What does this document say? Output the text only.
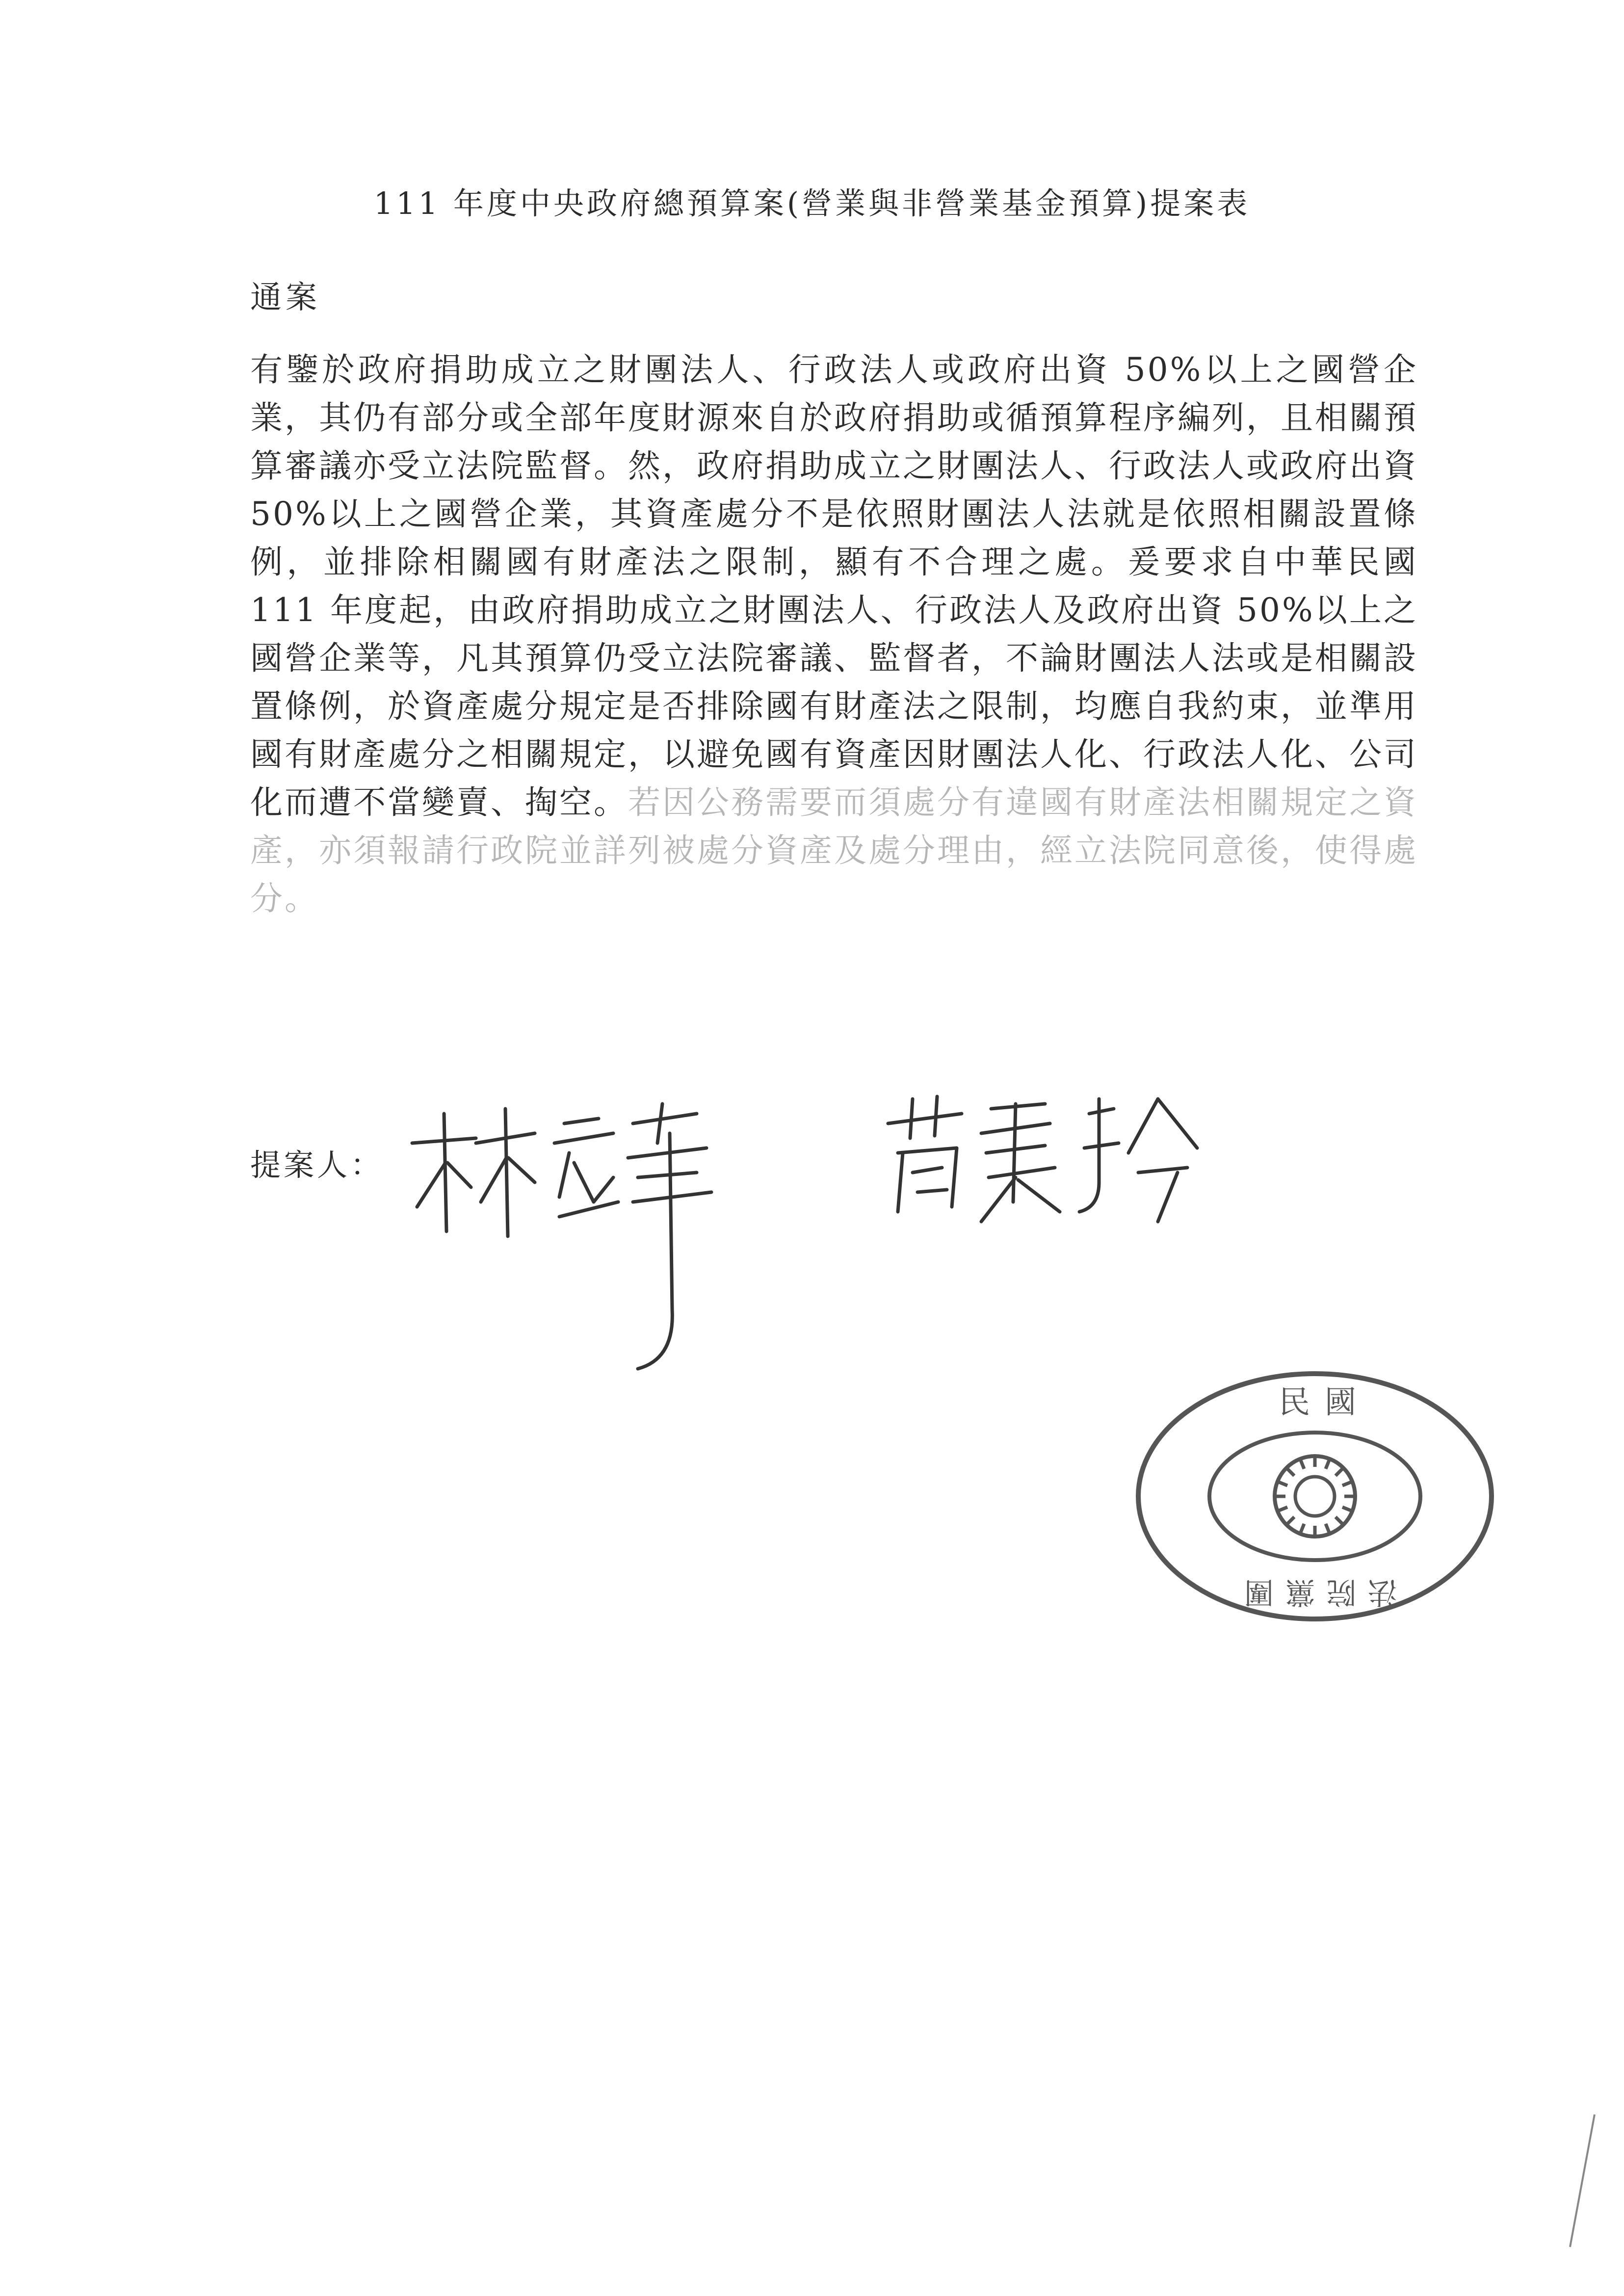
111 年度中央政府總預算案(營業與非營業基金預算)提案表
通案
有鑒於政府捐助成立之財團法人、行政法人或政府出資 50%以上之國營企業，其仍有部分或全部年度財源來自於政府捐助或循預算程序編列，且相關預算審議亦受立法院監督。然，政府捐助成立之財團法人、行政法人或政府出資 50%以上之國營企業，其資產處分不是依照財團法人法就是依照相關設置條例，並排除相關國有財產法之限制，顯有不合理之處。爰要求自中華民國 111 年度起，由政府捐助成立之財團法人、行政法人及政府出資 50%以上之國營企業等，凡其預算仍受立法院審議、監督者，不論財團法人法或是相關設置條例，於資產處分規定是否排除國有財產法之限制，均應自我約束，並準用國有財產處分之相關規定，以避免國有資產因財團法人化、行政法人化、公司化而遭不當變賣、掏空。若因公務需要而須處分有違國有財產法相關規定之資產，亦須報請行政院並詳列被處分資產及處分理由，經立法院同意後，使得處分。
提案人：
民國
法院黨團
